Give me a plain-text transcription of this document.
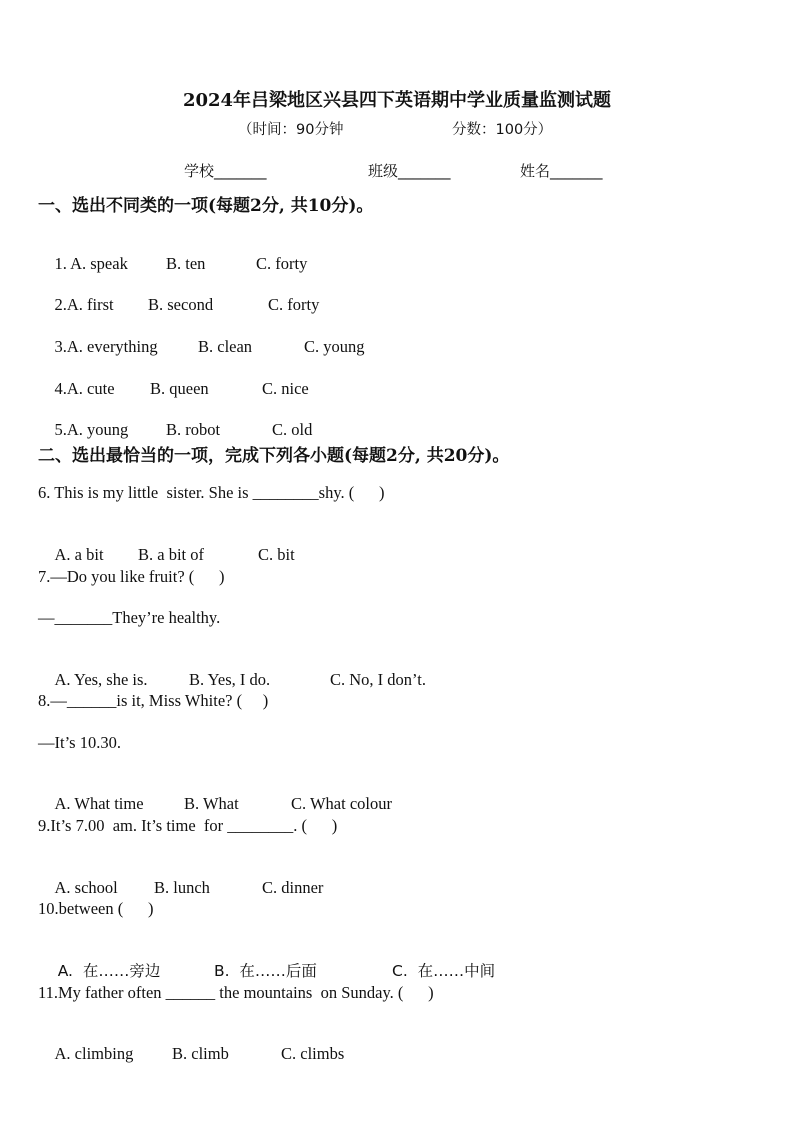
2024年吕梁地区兴县四下英语期中学业质量监测试题
（时间：90分钟	分数：100分）
学校_______	班级_______	姓名_______
一、选出不同类的一项(每题2分, 共10分)。

1. A. speak B. ten	C. forty

2.A. first B. second	C. forty

3.A. everything B. clean	C. young

4.A. cute B. queen	C. nice

5.A. young B. robot	C. old

二、选出最恰当的一项，完成下列各小题(每题2分, 共20分)。
6. This is my little  sister. She is ________shy. (      )

A. a bit B. a bit of	C. bit

7.—Do you like fruit? (      )
—_______They’re healthy.

A. Yes, she is.	B. Yes, I do.	C. No, I don’t.

8.—______is it, Miss White? (     )
—It’s 10.30.

A. What time B. What	C. What colour

9.It’s 7.00  am. It’s time  for ________. (      )

A. school B. lunch	C. dinner

10.between (      )

A.  在……旁边	B.  在……后面	C.  在……中间

11.My father often ______ the mountains  on Sunday. (      )

A. climbing B. climb	C. climbs
